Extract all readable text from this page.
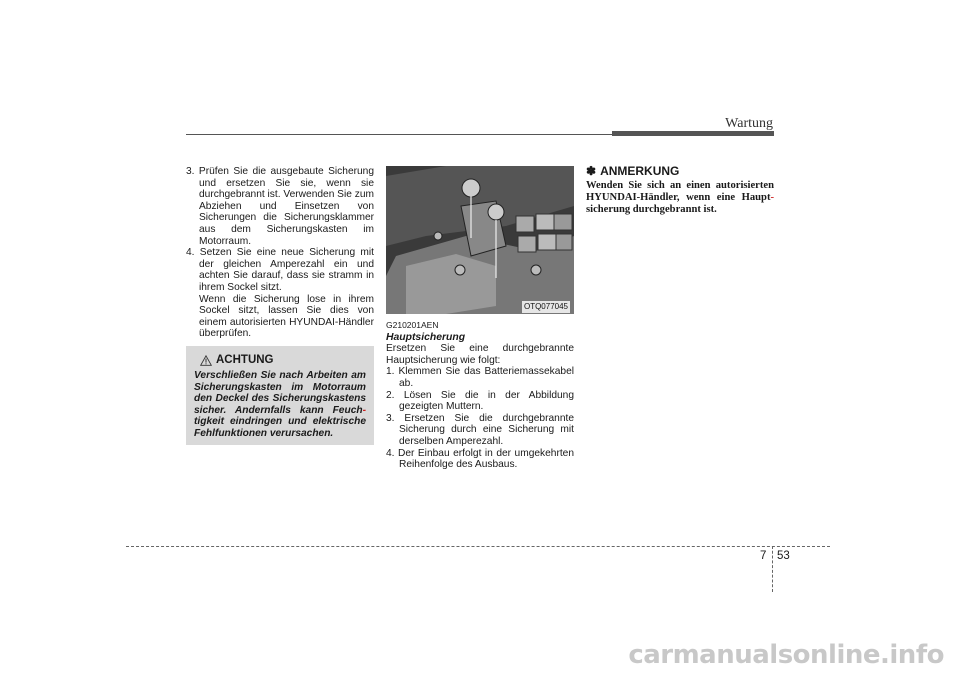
Wartung

3. Prüfen Sie die ausgebaute Sicherung und ersetzen Sie sie, wenn sie durchgebrannt ist. Verwenden Sie zum Abziehen und Einsetzen von Sicherungen die Sicherungsklammer aus dem Sicherungskasten im Motorraum.

4. Setzen Sie eine neue Sicherung mit der gleichen Amperezahl ein und achten Sie darauf, dass sie stramm in ihrem Sockel sitzt.

Wenn die Sicherung lose in ihrem Sockel sitzt, lassen Sie dies von einem autorisierten HYUNDAI-Händler überprüfen.

ACHTUNG
Verschließen Sie nach Arbeiten am Sicherungskasten im Motorraum den Deckel des Sicherungskastens sicher. Andernfalls kann Feuch-tigkeit eindringen und elektrische Fehlfunktionen verursachen.
OTQ077045
G210201AEN
Hauptsicherung

Ersetzen Sie eine durchgebrannte Hauptsicherung wie folgt:

1. Klemmen Sie das Batteriemassekabel ab.

2. Lösen Sie die in der Abbildung gezeigten Muttern.

3. Ersetzen Sie die durchgebrannte Sicherung durch eine Sicherung mit derselben Amperezahl.

4. Der Einbau erfolgt in der umgekehrten Reihenfolge des Ausbaus.

✽ ANMERKUNG
Wenden Sie sich an einen autorisierten HYUNDAI-Händler, wenn eine Haupt-sicherung durchgebrannt ist.
7 53
carmanualsonline.info
